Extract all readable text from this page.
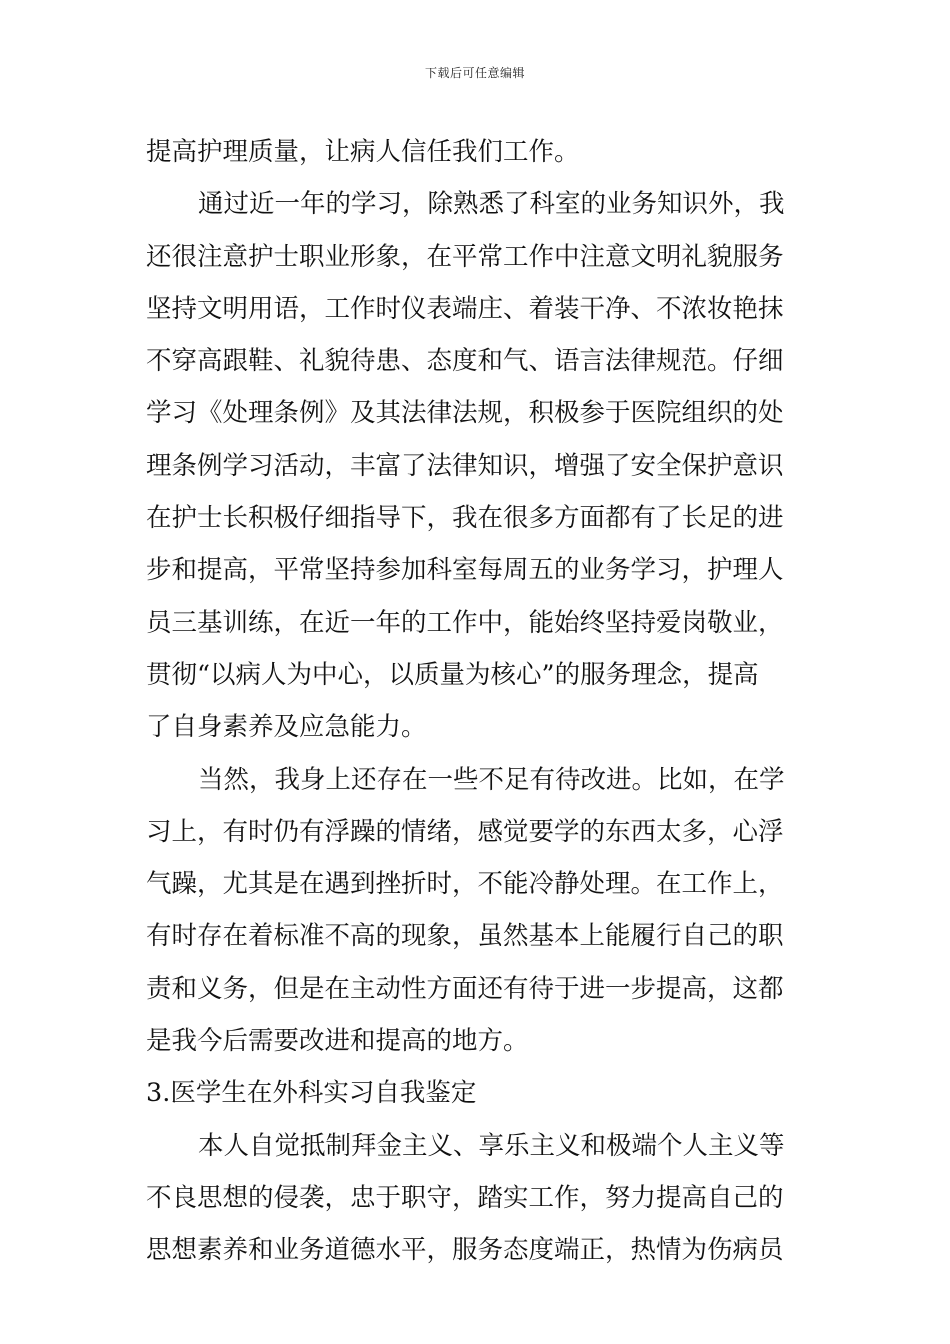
下载后可任意编辑
提高护理质量，让病人信任我们工作。
通过近一年的学习，除熟悉了科室的业务知识外，我
还很注意护士职业形象，在平常工作中注意文明礼貌服务
坚持文明用语，工作时仪表端庄、着装干净、不浓妆艳抹
不穿高跟鞋、礼貌待患、态度和气、语言法律规范。仔细
学习《处理条例》及其法律法规，积极参于医院组织的处
理条例学习活动，丰富了法律知识，增强了安全保护意识
在护士长积极仔细指导下，我在很多方面都有了长足的进
步和提高，平常坚持参加科室每周五的业务学习，护理人
员三基训练，在近一年的工作中，能始终坚持爱岗敬业，
贯彻“以病人为中心，以质量为核心”的服务理念，提高
了自身素养及应急能力。
当然，我身上还存在一些不足有待改进。比如，在学
习上，有时仍有浮躁的情绪，感觉要学的东西太多，心浮
气躁，尤其是在遇到挫折时，不能冷静处理。在工作上，
有时存在着标准不高的现象，虽然基本上能履行自己的职
责和义务，但是在主动性方面还有待于进一步提高，这都
是我今后需要改进和提高的地方。
3.医学生在外科实习自我鉴定
本人自觉抵制拜金主义、享乐主义和极端个人主义等
不良思想的侵袭，忠于职守，踏实工作，努力提高自己的
思想素养和业务道德水平，服务态度端正，热情为伤病员
